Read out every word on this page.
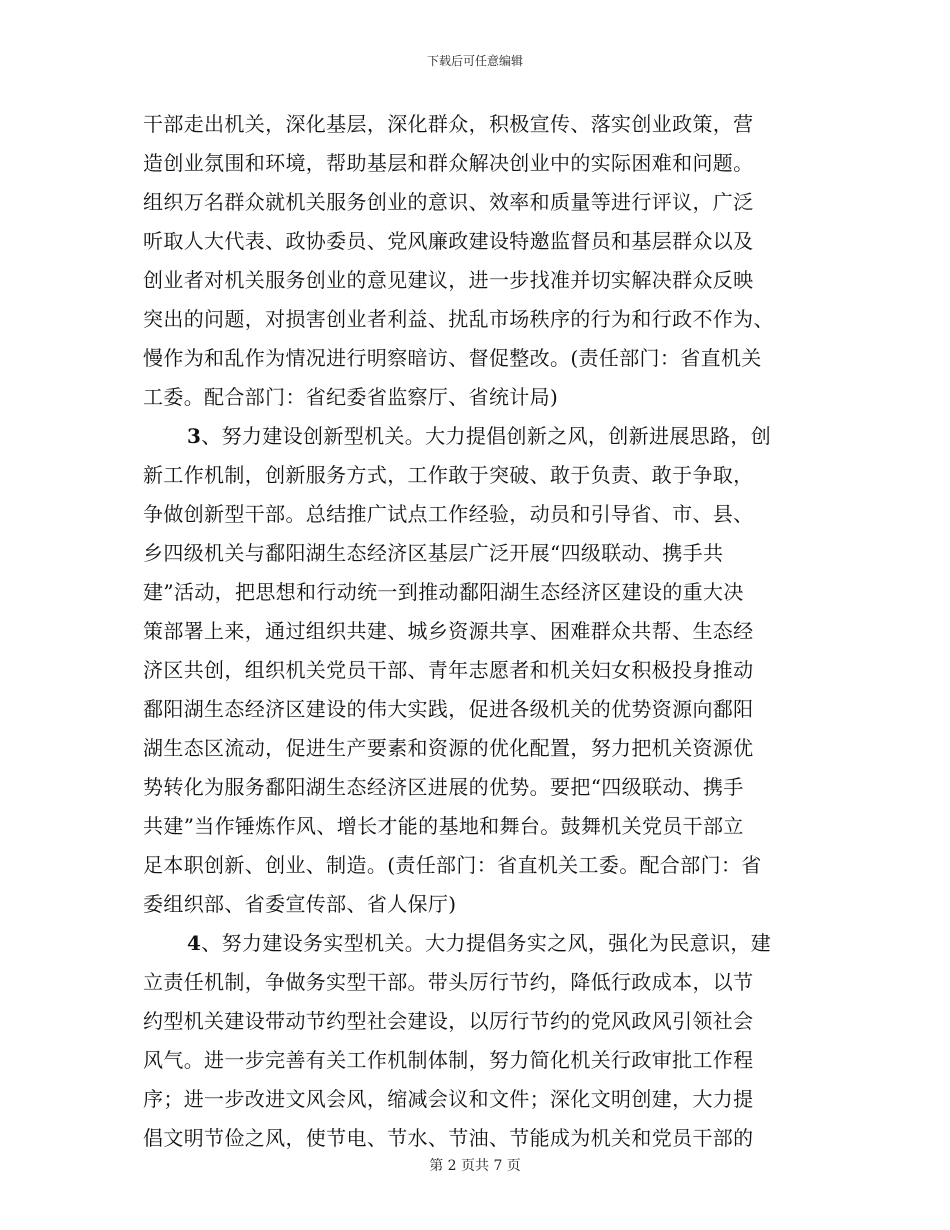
下载后可任意编辑
干部走出机关，深化基层，深化群众，积极宣传、落实创业政策，营
造创业氛围和环境，帮助基层和群众解决创业中的实际困难和问题。
组织万名群众就机关服务创业的意识、效率和质量等进行评议，广泛
听取人大代表、政协委员、党风廉政建设特邀监督员和基层群众以及
创业者对机关服务创业的意见建议，进一步找准并切实解决群众反映
突出的问题，对损害创业者利益、扰乱市场秩序的行为和行政不作为、
慢作为和乱作为情况进行明察暗访、督促整改。(责任部门：省直机关
工委。配合部门：省纪委省监察厅、省统计局)
3、努力建设创新型机关。大力提倡创新之风，创新进展思路，创
新工作机制，创新服务方式，工作敢于突破、敢于负责、敢于争取，
争做创新型干部。总结推广试点工作经验，动员和引导省、市、县、
乡四级机关与鄱阳湖生态经济区基层广泛开展“四级联动、携手共
建”活动，把思想和行动统一到推动鄱阳湖生态经济区建设的重大决
策部署上来，通过组织共建、城乡资源共享、困难群众共帮、生态经
济区共创，组织机关党员干部、青年志愿者和机关妇女积极投身推动
鄱阳湖生态经济区建设的伟大实践，促进各级机关的优势资源向鄱阳
湖生态区流动，促进生产要素和资源的优化配置，努力把机关资源优
势转化为服务鄱阳湖生态经济区进展的优势。要把“四级联动、携手
共建”当作锤炼作风、增长才能的基地和舞台。鼓舞机关党员干部立
足本职创新、创业、制造。(责任部门：省直机关工委。配合部门：省
委组织部、省委宣传部、省人保厅)
4、努力建设务实型机关。大力提倡务实之风，强化为民意识，建
立责任机制，争做务实型干部。带头厉行节约，降低行政成本，以节
约型机关建设带动节约型社会建设，以厉行节约的党风政风引领社会
风气。进一步完善有关工作机制体制，努力简化机关行政审批工作程
序；进一步改进文风会风，缩减会议和文件；深化文明创建，大力提
倡文明节俭之风，使节电、节水、节油、节能成为机关和党员干部的
第 2 页共 7 页
